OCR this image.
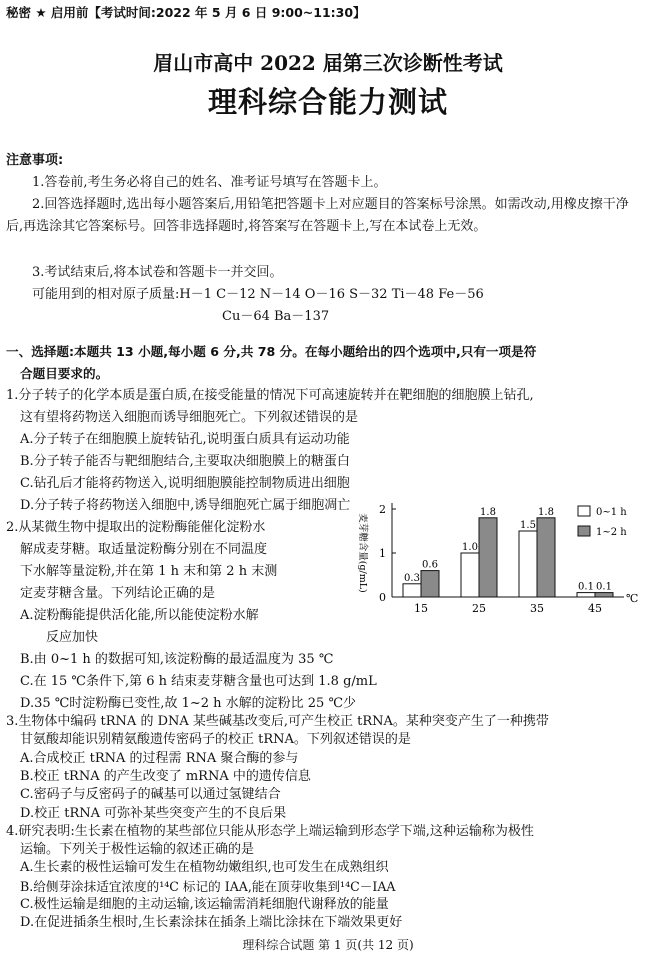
秘密 ★ 启用前【考试时间:2022 年 5 月 6 日 9:00~11:30】
眉山市高中 2022 届第三次诊断性考试
理科综合能力测试
注意事项:
1.答卷前,考生务必将自己的姓名、准考证号填写在答题卡上。
2.回答选择题时,选出每小题答案后,用铅笔把答题卡上对应题目的答案标号涂黑。如需改动,用橡皮擦干净后,再选涂其它答案标号。回答非选择题时,将答案写在答题卡上,写在本试卷上无效。
3.考试结束后,将本试卷和答题卡一并交回。
可能用到的相对原子质量:H－1 C－12 N－14 O－16 S－32 Ti－48 Fe－56
Cu－64 Ba－137
一、选择题:本题共 13 小题,每小题 6 分,共 78 分。在每小题给出的四个选项中,只有一项是符
合题目要求的。
1.分子转子的化学本质是蛋白质,在接受能量的情况下可高速旋转并在靶细胞的细胞膜上钻孔,
这有望将药物送入细胞而诱导细胞死亡。下列叙述错误的是
A.分子转子在细胞膜上旋转钻孔,说明蛋白质具有运动功能
B.分子转子能否与靶细胞结合,主要取决细胞膜上的糖蛋白
C.钻孔后才能将药物送入,说明细胞膜能控制物质进出细胞
D.分子转子将药物送入细胞中,诱导细胞死亡属于细胞凋亡
2.从某微生物中提取出的淀粉酶能催化淀粉水
解成麦芽糖。取适量淀粉酶分别在不同温度
下水解等量淀粉,并在第 1 h 末和第 2 h 末测
定麦芽糖含量。下列结论正确的是
A.淀粉酶能提供活化能,所以能使淀粉水解
反应加快
B.由 0~1 h 的数据可知,该淀粉酶的最适温度为 35 ℃
C.在 15 ℃条件下,第 6 h 结束麦芽糖含量也可达到 1.8 g/mL
D.35 ℃时淀粉酶已变性,故 1~2 h 水解的淀粉比 25 ℃少
0
1
2
麦芽糖含量(g/mL)	0.3
0.6
15
1.0
1.8
25
1.5
1.8
35
0.1 0.1
45
℃
0~1 h
1~2 h
3.生物体中编码 tRNA 的 DNA 某些碱基改变后,可产生校正 tRNA。某种突变产生了一种携带
甘氨酸却能识别精氨酸遗传密码子的校正 tRNA。下列叙述错误的是
A.合成校正 tRNA 的过程需 RNA 聚合酶的参与
B.校正 tRNA 的产生改变了 mRNA 中的遗传信息
C.密码子与反密码子的碱基可以通过氢键结合
D.校正 tRNA 可弥补某些突变产生的不良后果
4.研究表明:生长素在植物的某些部位只能从形态学上端运输到形态学下端,这种运输称为极性
运输。下列关于极性运输的叙述正确的是
A.生长素的极性运输可发生在植物幼嫩组织,也可发生在成熟组织
B.给侧芽涂抹适宜浓度的¹⁴C 标记的 IAA,能在顶芽收集到¹⁴C－IAA
C.极性运输是细胞的主动运输,该运输需消耗细胞代谢释放的能量
D.在促进插条生根时,生长素涂抹在插条上端比涂抹在下端效果更好
理科综合试题 第 1 页(共 12 页)
